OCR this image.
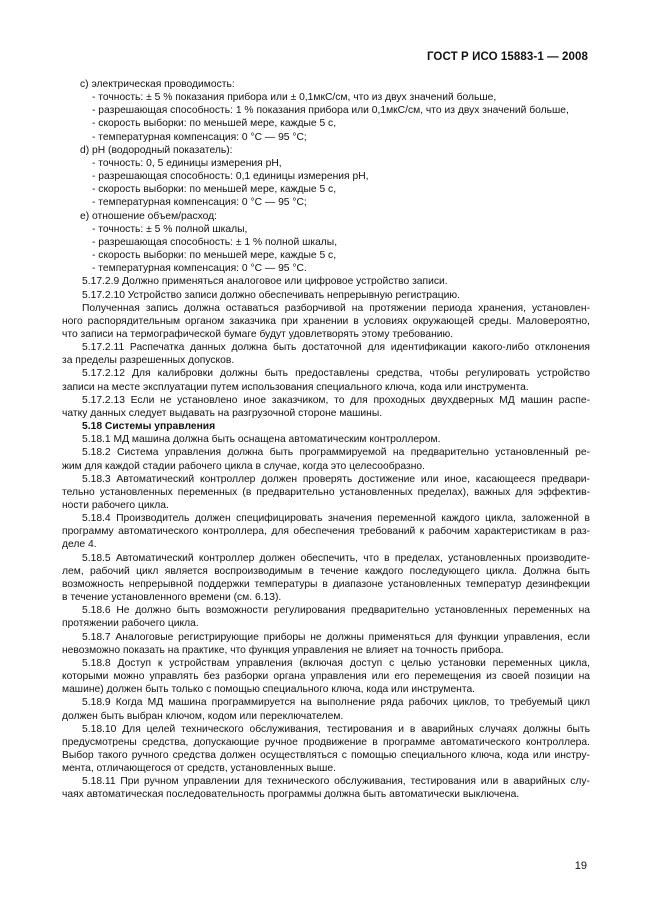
ГОСТ Р ИСО 15883-1 — 2008
c) электрическая проводимость:
- точность: ± 5 % показания прибора или ± 0,1мкС/см, что из двух значений больше,
- разрешающая способность: 1 % показания прибора или 0,1мкС/см, что из двух значений больше,
- скорость выборки: по меньшей мере, каждые 5 с,
- температурная компенсация: 0 °С — 95 °С;
d) pH (водородный показатель):
- точность: 0, 5 единицы измерения pH,
- разрешающая способность: 0,1 единицы измерения pH,
- скорость выборки: по меньшей мере, каждые 5 с,
- температурная компенсация: 0 °С — 95 °С;
e) отношение объем/расход:
- точность: ± 5 % полной шкалы,
- разрешающая способность: ± 1 % полной шкалы,
- скорость выборки: по меньшей мере, каждые 5 с,
- температурная компенсация: 0 °С — 95 °С.
5.17.2.9 Должно применяться аналоговое или цифровое устройство записи.
5.17.2.10 Устройство записи должно обеспечивать непрерывную регистрацию.
Полученная запись должна оставаться разборчивой на протяжении периода хранения, установлен-
ного распорядительным органом заказчика при хранении в условиях окружающей среды. Маловероятно,
что записи на термографической бумаге будут удовлетворять этому требованию.
5.17.2.11 Распечатка данных должна быть достаточной для идентификации какого-либо отклонения
за пределы разрешенных допусков.
5.17.2.12 Для калибровки должны быть предоставлены средства, чтобы регулировать устройство
записи на месте эксплуатации путем использования специального ключа, кода или инструмента.
5.17.2.13 Если не установлено иное заказчиком, то для проходных двухдверных МД машин распе-
чатку данных следует выдавать на разгрузочной стороне машины.
5.18 Системы управления
5.18.1 МД машина должна быть оснащена автоматическим контроллером.
5.18.2 Система управления должна быть программируемой на предварительно установленный ре-
жим для каждой стадии рабочего цикла в случае, когда это целесообразно.
5.18.3 Автоматический контроллер должен проверять достижение или иное, касающееся предвари-
тельно установленных переменных (в предварительно установленных пределах), важных для эффектив-
ности рабочего цикла.
5.18.4 Производитель должен специфицировать значения переменной каждого цикла, заложенной в
программу автоматического контроллера, для обеспечения требований к рабочим характеристикам в раз-
деле 4.
5.18.5 Автоматический контроллер должен обеспечить, что в пределах, установленных производите-
лем, рабочий цикл является воспроизводимым в течение каждого последующего цикла. Должна быть
возможность непрерывной поддержки температуры в диапазоне установленных температур дезинфекции
в течение установленного времени (см. 6.13).
5.18.6 Не должно быть возможности регулирования предварительно установленных переменных на
протяжении рабочего цикла.
5.18.7 Аналоговые регистрирующие приборы не должны применяться для функции управления, если
невозможно показать на практике, что функция управления не влияет на точность прибора.
5.18.8 Доступ к устройствам управления (включая доступ с целью установки переменных цикла,
которыми можно управлять без разборки органа управления или его перемещения из своей позиции на
машине) должен быть только с помощью специального ключа, кода или инструмента.
5.18.9 Когда МД машина программируется на выполнение ряда рабочих циклов, то требуемый цикл
должен быть выбран ключом, кодом или переключателем.
5.18.10 Для целей технического обслуживания, тестирования и в аварийных случаях должны быть
предусмотрены средства, допускающие ручное продвижение в программе автоматического контроллера.
Выбор такого ручного средства должен осуществляться с помощью специального ключа, кода или инстру-
мента, отличающегося от средств, установленных выше.
5.18.11 При ручном управлении для технического обслуживания, тестирования или в аварийных слу-
чаях автоматическая последовательность программы должна быть автоматически выключена.
19
